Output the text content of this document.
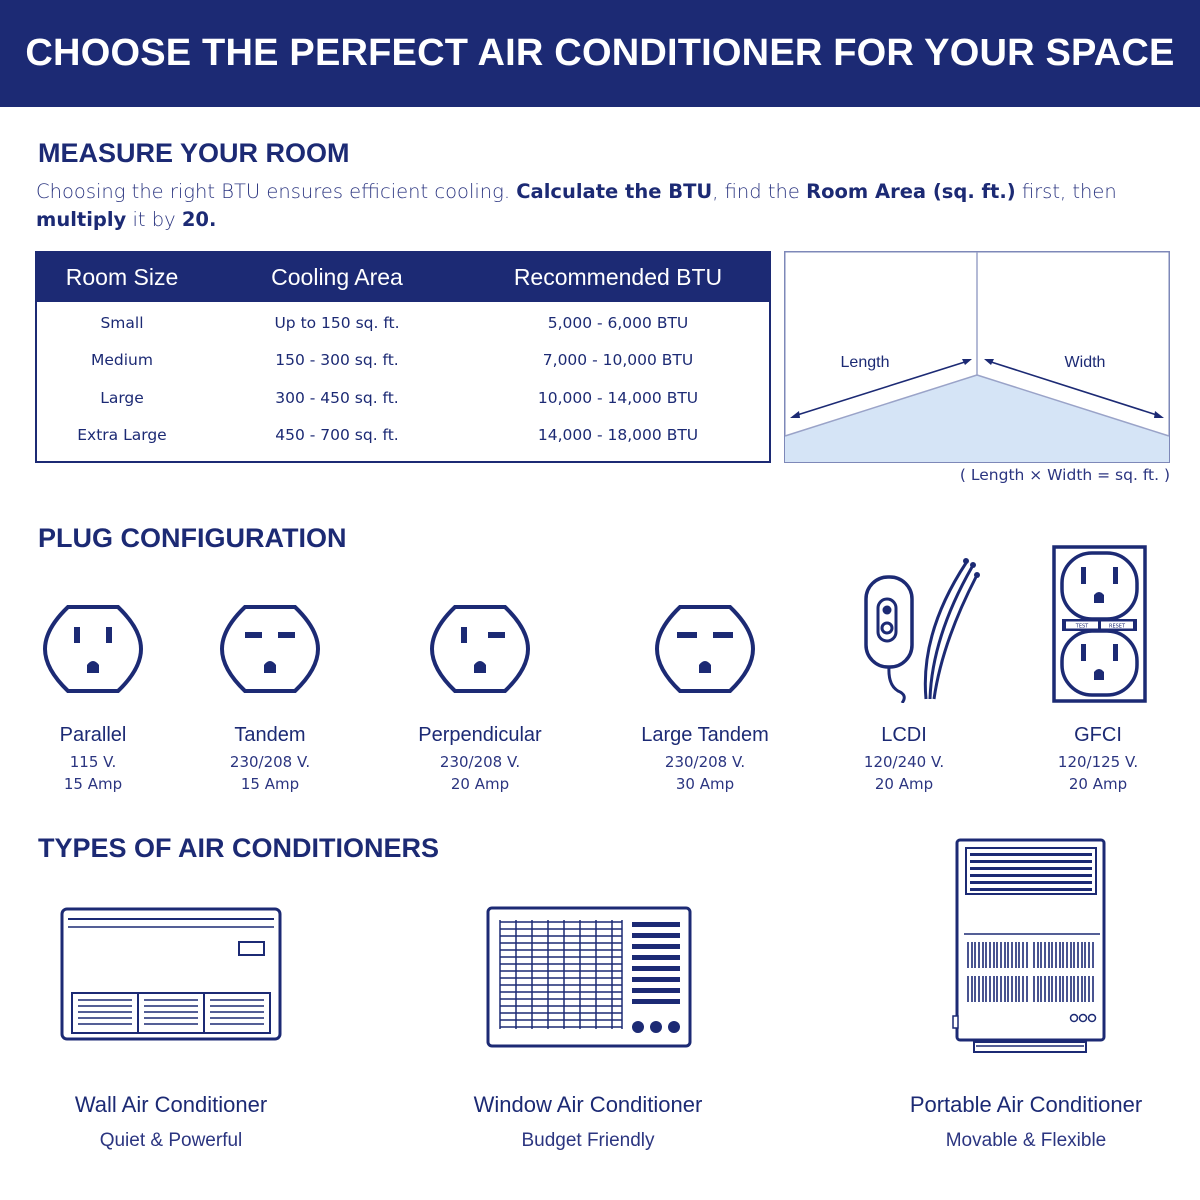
CHOOSE THE PERFECT AIR CONDITIONER FOR YOUR SPACE
MEASURE YOUR ROOM

Choosing the right BTU ensures efficient cooling. Calculate the BTU, find the Room Area (sq. ft.) first, then
multiply it by 20.

Room Size	Cooling Area	Recommended BTU
Small	Up to 150 sq. ft.	5,000 - 6,000 BTU
Medium	150 - 300 sq. ft.	7,000 - 10,000 BTU
Large	300 - 450 sq. ft.	10,000 - 14,000 BTU
Extra Large	450 - 700 sq. ft.	14,000 - 18,000 BTU
Length	Width
( Length × Width = sq. ft. )
PLUG CONFIGURATION
TEST	RESET
Parallel
115 V.
15 Amp
Tandem
230/208 V.
15 Amp
Perpendicular
230/208 V.
20 Amp
Large Tandem
230/208 V.
30 Amp
LCDI
120/240 V.
20 Amp
GFCI
120/125 V.
20 Amp
TYPES OF AIR CONDITIONERS
Wall Air Conditioner
Quiet & Powerful
Window Air Conditioner
Budget Friendly
Portable Air Conditioner
Movable & Flexible
